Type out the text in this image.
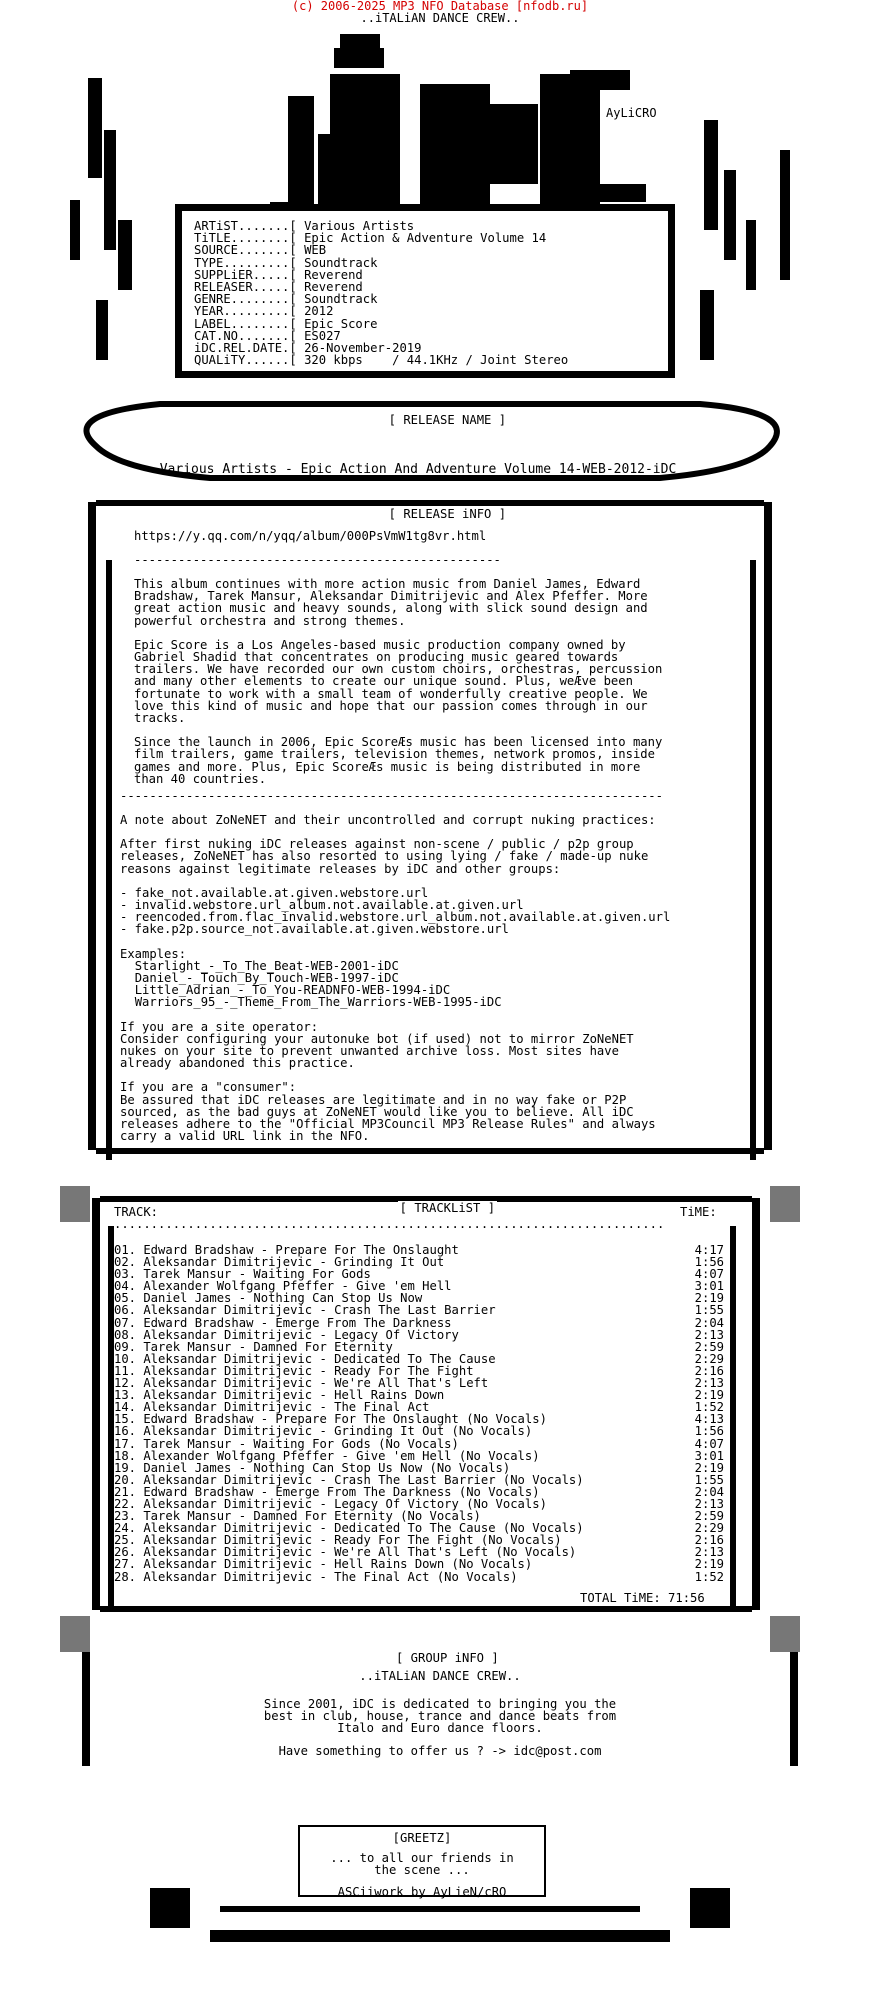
(c) 2006-2025 MP3 NFO Database [nfodb.ru]
..iTALiAN DANCE CREW..
AyLiCRO
ARTiST.......[ Various Artists
TiTLE........[ Epic Action & Adventure Volume 14
SOURCE.......[ WEB
TYPE.........[ Soundtrack
SUPPLiER.....[ Reverend
RELEASER.....[ Reverend
GENRE........[ Soundtrack
YEAR.........[ 2012
LABEL........[ Epic Score
CAT.NO.......[ ES027
iDC.REL.DATE.[ 26-November-2019
QUALiTY......[ 320 kbps    / 44.1KHz / Joint Stereo

[ RELEASE NAME ]

Various_Artists_-_Epic_Action_And_Adventure_Volume_14-WEB-2012-iDC

[ RELEASE iNFO ]

https://y.qq.com/n/yqq/album/000PsVmW1tg8vr.html
--------------------------------------------------
This album continues with more action music from Daniel James, Edward
Bradshaw, Tarek Mansur, Aleksandar Dimitrijevic and Alex Pfeffer. More
great action music and heavy sounds, along with slick sound design and
powerful orchestra and strong themes.
Epic Score is a Los Angeles-based music production company owned by
Gabriel Shadid that concentrates on producing music geared towards
trailers. We have recorded our own custom choirs, orchestras, percussion
and many other elements to create our unique sound. Plus, weÆve been
fortunate to work with a small team of wonderfully creative people. We
love this kind of music and hope that our passion comes through in our
tracks.
Since the launch in 2006, Epic ScoreÆs music has been licensed into many
film trailers, game trailers, television themes, network promos, inside
games and more. Plus, Epic ScoreÆs music is being distributed in more
than 40 countries.
--------------------------------------------------------------------------
A note about ZoNeNET and their uncontrolled and corrupt nuking practices:
After first nuking iDC releases against non-scene / public / p2p group
releases, ZoNeNET has also resorted to using lying / fake / made-up nuke
reasons against legitimate releases by iDC and other groups:
- fake_not.available.at.given.webstore.url
- invalid.webstore.url_album.not.available.at.given.url
- reencoded.from.flac_invalid.webstore.url_album.not.available.at.given.url
- fake.p2p.source_not.available.at.given.webstore.url
Examples:
Starlight_-_To_The_Beat-WEB-2001-iDC
Daniel_-_Touch_By_Touch-WEB-1997-iDC
Little_Adrian_-_To_You-READNFO-WEB-1994-iDC
Warriors_95_-_Theme_From_The_Warriors-WEB-1995-iDC
If you are a site operator:
Consider configuring your autonuke bot (if used) not to mirror ZoNeNET
nukes on your site to prevent unwanted archive loss. Most sites have
already abandoned this practice.
If you are a "consumer":
Be assured that iDC releases are legitimate and in no way fake or P2P
sourced, as the bad guys at ZoNeNET would like you to believe. All iDC
releases adhere to the "Official MP3Council MP3 Release Rules" and always
carry a valid URL link in the NFO.

[ TRACKLiST ]

TRACK:	TiME:
...........................................................................
01. Edward Bradshaw - Prepare For The Onslaught	4:17
02. Aleksandar Dimitrijevic - Grinding It Out	1:56
03. Tarek Mansur - Waiting For Gods	4:07
04. Alexander Wolfgang Pfeffer - Give 'em Hell	3:01
05. Daniel James - Nothing Can Stop Us Now	2:19
06. Aleksandar Dimitrijevic - Crash The Last Barrier	1:55
07. Edward Bradshaw - Emerge From The Darkness	2:04
08. Aleksandar Dimitrijevic - Legacy Of Victory	2:13
09. Tarek Mansur - Damned For Eternity	2:59
10. Aleksandar Dimitrijevic - Dedicated To The Cause	2:29
11. Aleksandar Dimitrijevic - Ready For The Fight	2:16
12. Aleksandar Dimitrijevic - We're All That's Left	2:13
13. Aleksandar Dimitrijevic - Hell Rains Down	2:19
14. Aleksandar Dimitrijevic - The Final Act	1:52
15. Edward Bradshaw - Prepare For The Onslaught (No Vocals)	4:13
16. Aleksandar Dimitrijevic - Grinding It Out (No Vocals)	1:56
17. Tarek Mansur - Waiting For Gods (No Vocals)	4:07
18. Alexander Wolfgang Pfeffer - Give 'em Hell (No Vocals)	3:01
19. Daniel James - Nothing Can Stop Us Now (No Vocals)	2:19
20. Aleksandar Dimitrijevic - Crash The Last Barrier (No Vocals)	1:55
21. Edward Bradshaw - Emerge From The Darkness (No Vocals)	2:04
22. Aleksandar Dimitrijevic - Legacy Of Victory (No Vocals)	2:13
23. Tarek Mansur - Damned For Eternity (No Vocals)	2:59
24. Aleksandar Dimitrijevic - Dedicated To The Cause (No Vocals)	2:29
25. Aleksandar Dimitrijevic - Ready For The Fight (No Vocals)	2:16
26. Aleksandar Dimitrijevic - We're All That's Left (No Vocals)	2:13
27. Aleksandar Dimitrijevic - Hell Rains Down (No Vocals)	2:19
28. Aleksandar Dimitrijevic - The Final Act (No Vocals)	1:52
TOTAL TiME: 71:56

[ GROUP iNFO ]

..iTALiAN DANCE CREW..
Since 2001, iDC is dedicated to bringing you the
best in club, house, trance and dance beats from
Italo and Euro dance floors.
Have something to offer us ? -> idc@post.com
[GREETZ]
... to all our friends in
the scene ...
ASCiiwork by AyLieN/cRO
